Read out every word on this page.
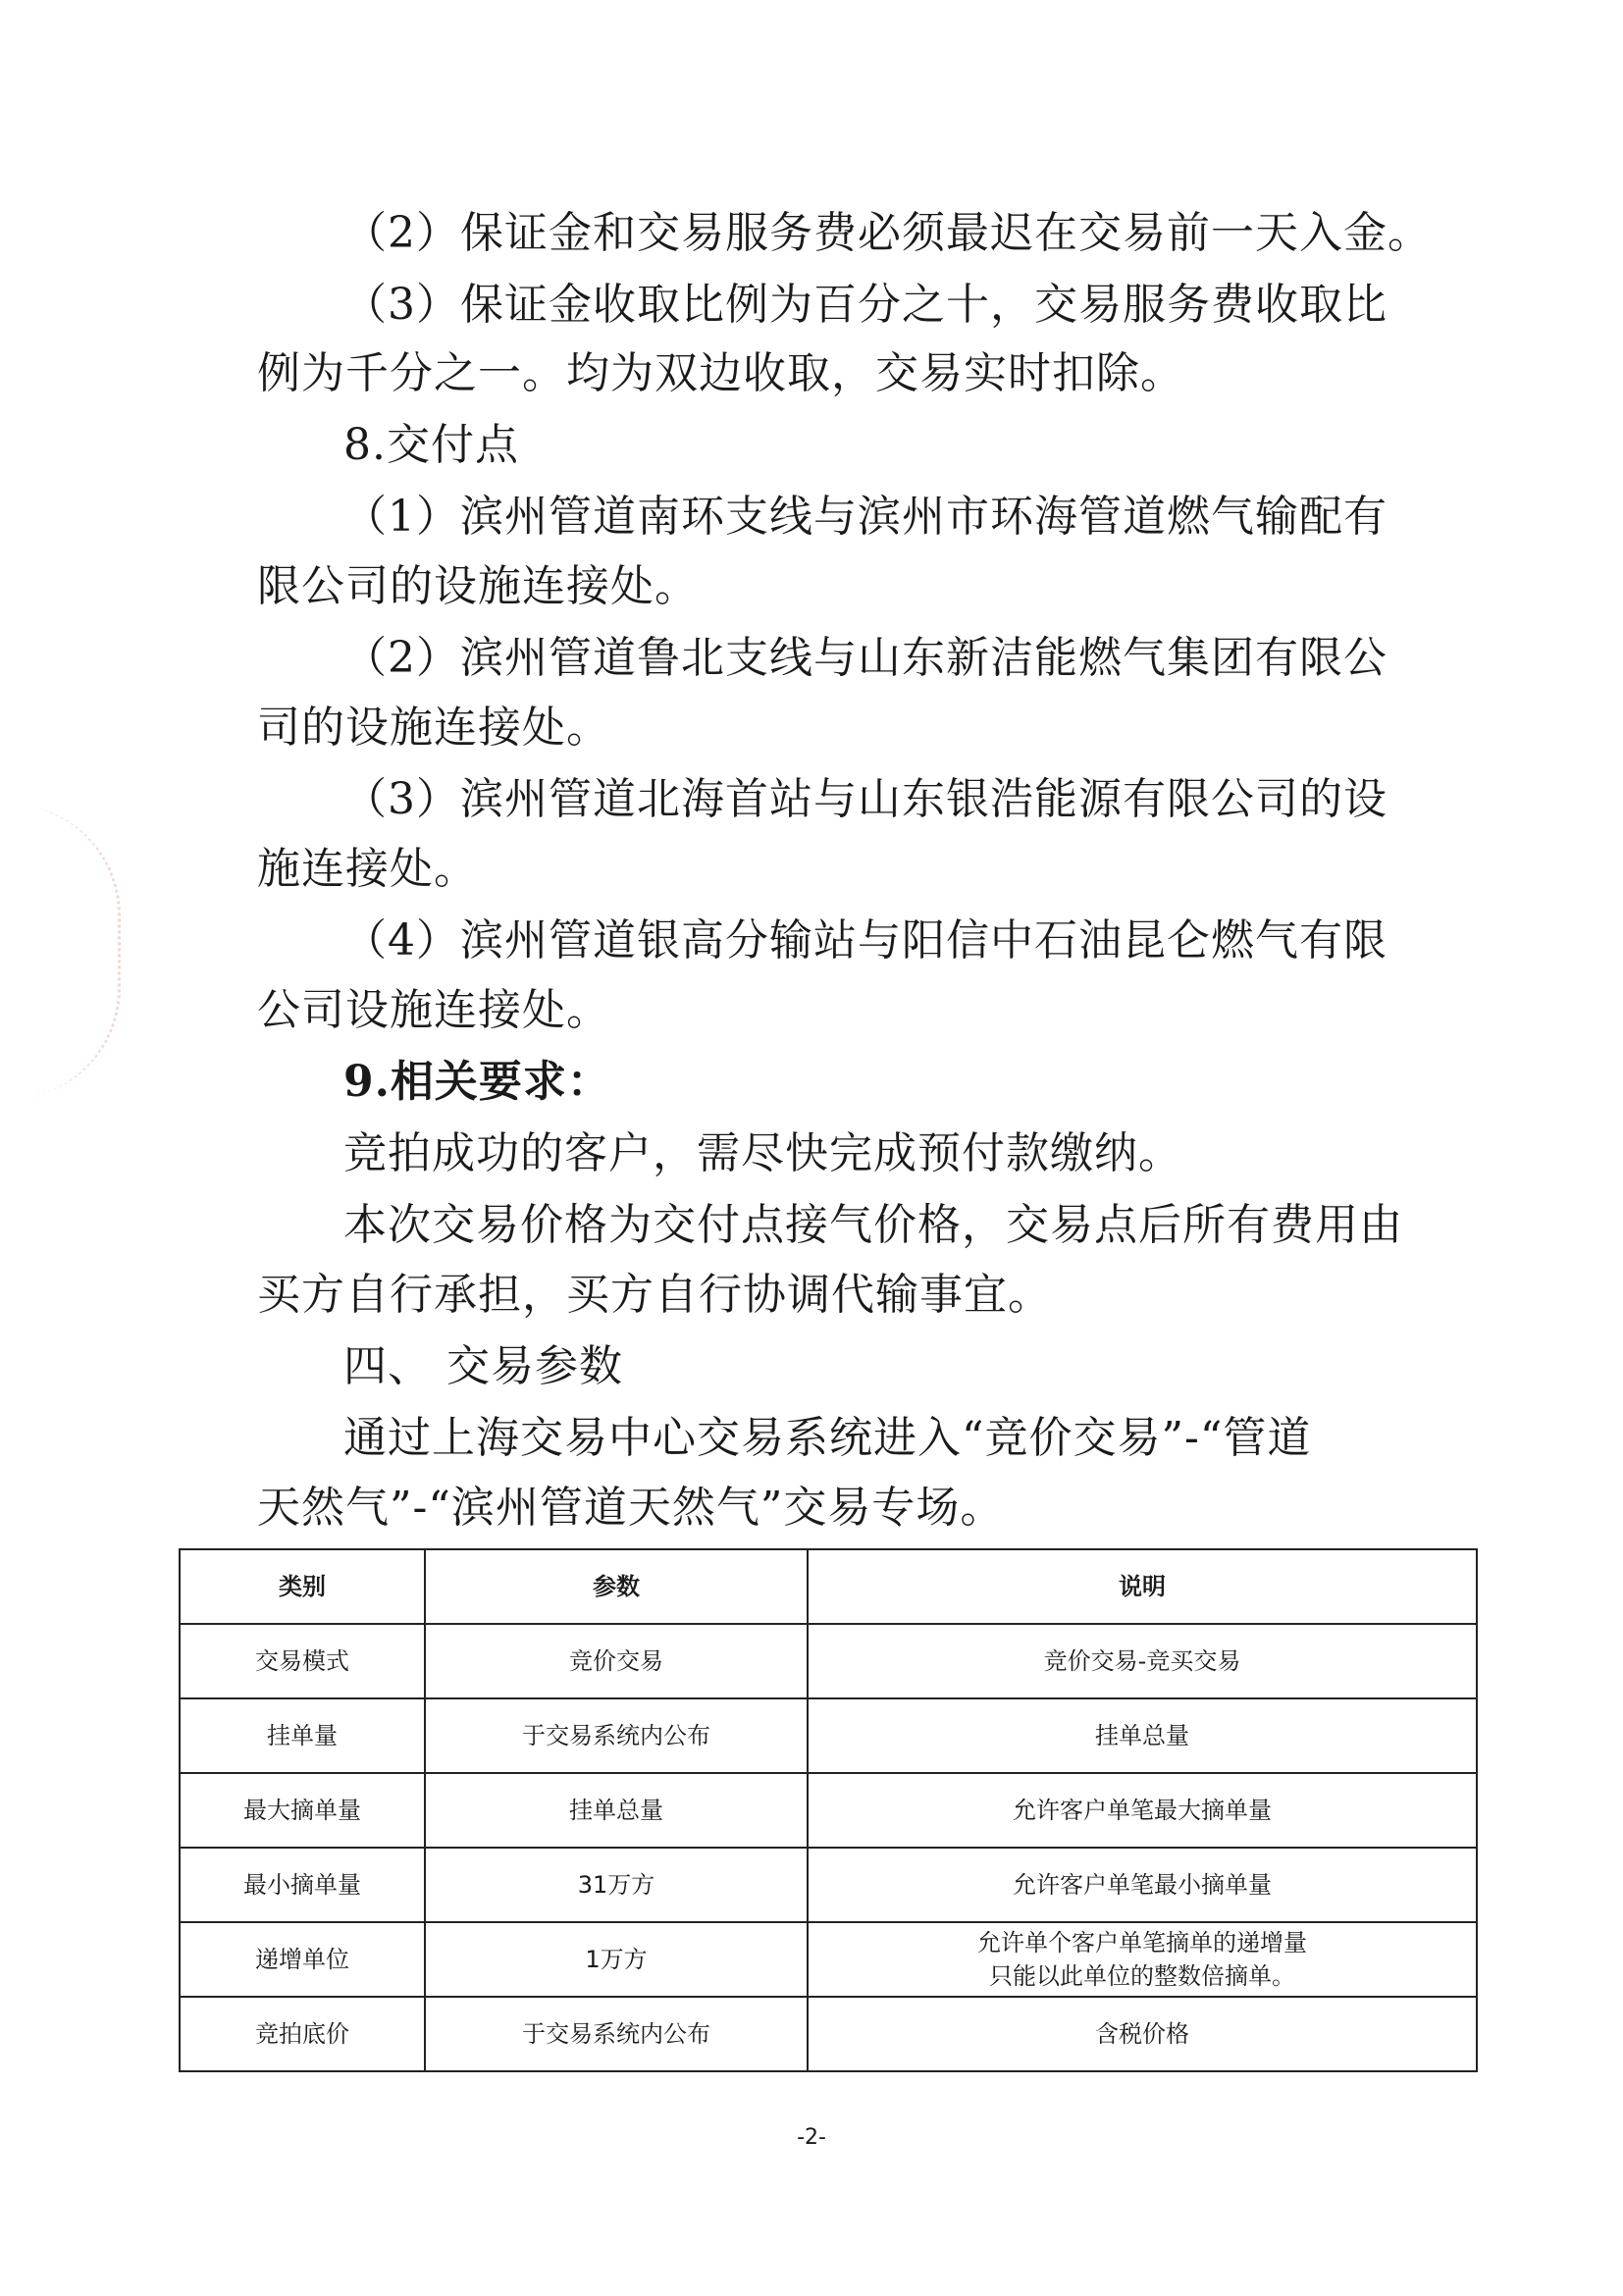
（2）保证金和交易服务费必须最迟在交易前一天入金。
（3）保证金收取比例为百分之十，交易服务费收取比
例为千分之一。均为双边收取，交易实时扣除。
8.交付点
（1）滨州管道南环支线与滨州市环海管道燃气输配有
限公司的设施连接处。
（2）滨州管道鲁北支线与山东新洁能燃气集团有限公
司的设施连接处。
（3）滨州管道北海首站与山东银浩能源有限公司的设
施连接处。
（4）滨州管道银高分输站与阳信中石油昆仑燃气有限
公司设施连接处。
9.相关要求：
竞拍成功的客户，需尽快完成预付款缴纳。
本次交易价格为交付点接气价格，交易点后所有费用由
买方自行承担，买方自行协调代输事宜。
四、 交易参数
通过上海交易中心交易系统进入“竞价交易”-“管道
天然气”-“滨州管道天然气”交易专场。
类别	参数	说明
交易模式	竞价交易	竞价交易-竞买交易
挂单量	于交易系统内公布	挂单总量
最大摘单量	挂单总量	允许客户单笔最大摘单量
最小摘单量	31万方	允许客户单笔最小摘单量
递增单位	1万方	允许单个客户单笔摘单的递增量
只能以此单位的整数倍摘单。

竞拍底价	于交易系统内公布	含税价格
-2-
